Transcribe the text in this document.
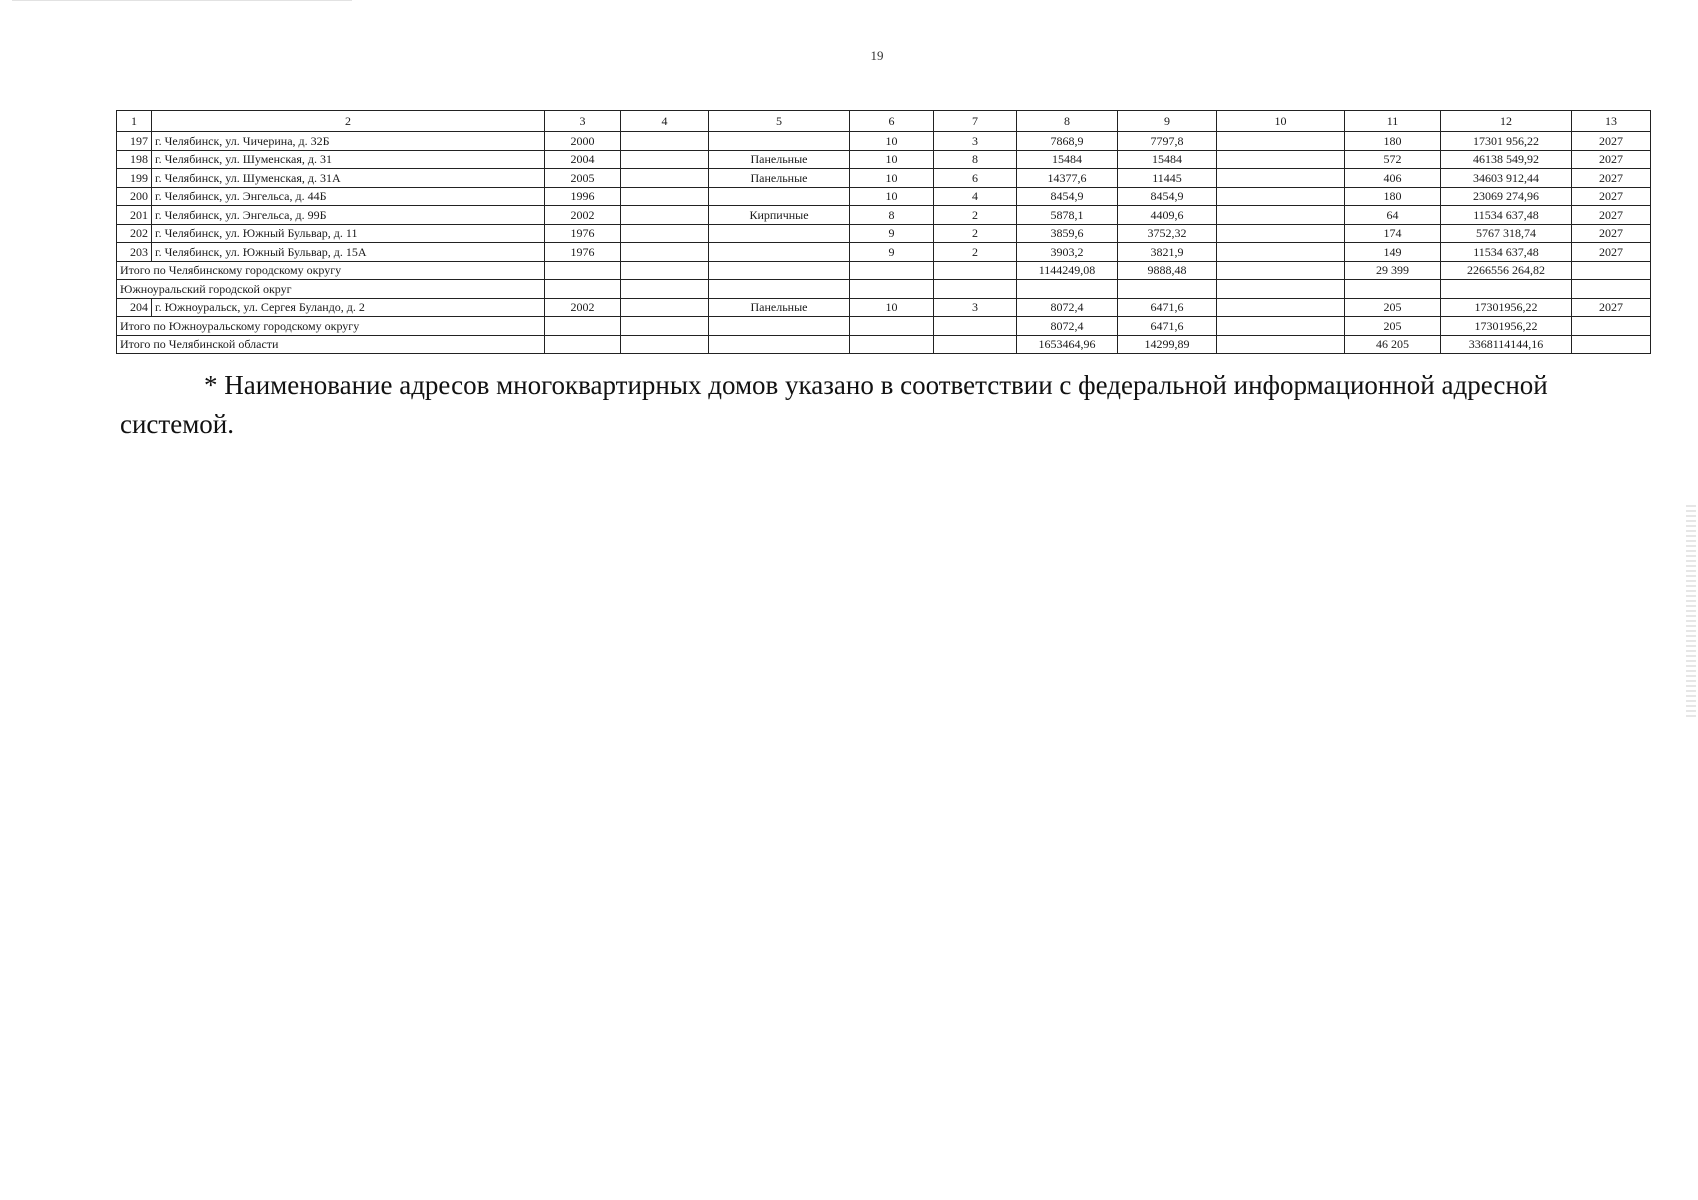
19
1	2	3	4	5	6	7	8	9	10	11	12	13
197	г. Челябинск, ул. Чичерина, д. 32Б	2000			10	3	7868,9	7797,8		180	17301 956,22	2027
198	г. Челябинск, ул. Шуменская, д. 31	2004		Панельные	10	8	15484	15484		572	46138 549,92	2027
199	г. Челябинск, ул. Шуменская, д. 31А	2005		Панельные	10	6	14377,6	11445		406	34603 912,44	2027
200	г. Челябинск, ул. Энгельса, д. 44Б	1996			10	4	8454,9	8454,9		180	23069 274,96	2027
201	г. Челябинск, ул. Энгельса, д. 99Б	2002		Кирпичные	8	2	5878,1	4409,6		64	11534 637,48	2027
202	г. Челябинск, ул. Южный Бульвар, д. 11	1976			9	2	3859,6	3752,32		174	5767 318,74	2027
203	г. Челябинск, ул. Южный Бульвар, д. 15А	1976			9	2	3903,2	3821,9		149	11534 637,48	2027
Итого по Челябинскому городскому округу							1144249,08	9888,48		29 399	2266556 264,82	
Южноуральский городской округ												
204	г. Южноуральск, ул. Сергея Буландо, д. 2	2002		Панельные	10	3	8072,4	6471,6		205	17301956,22	2027
Итого по Южноуральскому городскому округу							8072,4	6471,6		205	17301956,22	
Итого по Челябинской области							1653464,96	14299,89		46 205	3368114144,16	
* Наименование адресов многоквартирных домов указано в соответствии с федеральной информационной адресной системой.
